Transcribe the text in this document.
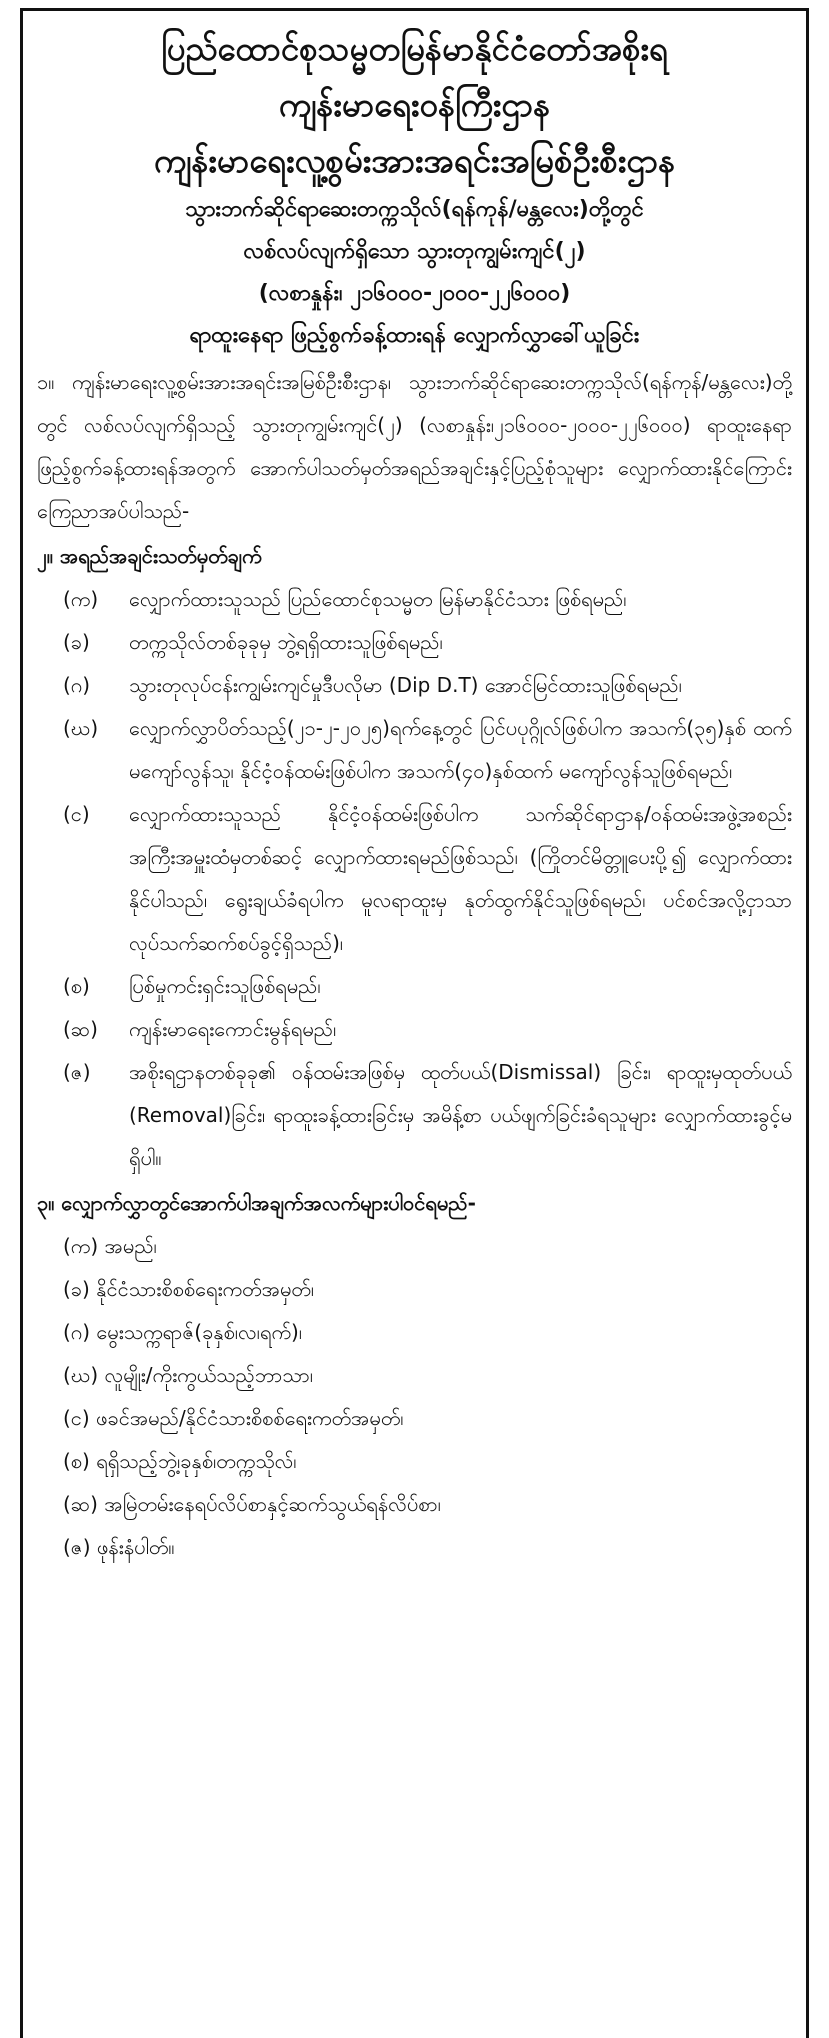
ပြည်ထောင်စုသမ္မတမြန်မာနိုင်ငံတော်အစိုးရ
ကျန်းမာရေးဝန်ကြီးဌာန
ကျန်းမာရေးလူ့စွမ်းအားအရင်းအမြစ်ဦးစီးဌာန
သွားဘက်ဆိုင်ရာဆေးတက္ကသိုလ်(ရန်ကုန်/မန္တလေး)တို့တွင်
လစ်လပ်လျက်ရှိသော သွားတုကျွမ်းကျင်(၂)
(လစာနှုန်း၊ ၂၁၆၀၀၀-၂၀၀၀-၂၂၆၀၀၀)
ရာထူးနေရာ ဖြည့်စွက်ခန့်ထားရန် လျှောက်လွှာခေါ်ယူခြင်း
၁။ ကျန်းမာရေးလူ့စွမ်းအားအရင်းအမြစ်ဦးစီးဌာန၊ သွားဘက်ဆိုင်ရာဆေးတက္ကသိုလ်(ရန်ကုန်/မန္တလေး)တို့တွင် လစ်လပ်လျက်ရှိသည့် သွားတုကျွမ်းကျင်(၂) (လစာနှုန်း၊၂၁၆၀၀၀-၂၀၀၀-၂၂၆၀၀၀) ရာထူးနေရာ ဖြည့်စွက်ခန့်ထားရန်အတွက် အောက်ပါသတ်မှတ်အရည်အချင်းနှင့်ပြည့်စုံသူများ လျှောက်ထားနိုင်ကြောင်း ကြေညာအပ်ပါသည်-
၂။ အရည်အချင်းသတ်မှတ်ချက်
(က)	လျှောက်ထားသူသည် ပြည်ထောင်စုသမ္မတ မြန်မာနိုင်ငံသား ဖြစ်ရမည်၊
(ခ)	တက္ကသိုလ်တစ်ခုခုမှ ဘွဲ့ရရှိထားသူဖြစ်ရမည်၊
(ဂ)	သွားတုလုပ်ငန်းကျွမ်းကျင်မှုဒီပလိုမာ (Dip D.T) အောင်မြင်ထားသူဖြစ်ရမည်၊
(ဃ)	လျှောက်လွှာပိတ်သည့်(၂၁-၂-၂၀၂၅)ရက်နေ့တွင် ပြင်ပပုဂ္ဂိုလ်ဖြစ်ပါက အသက်(၃၅)နှစ် ထက်မကျော်လွန်သူ၊ နိုင်ငံ့ဝန်ထမ်းဖြစ်ပါက အသက်(၄၀)နှစ်ထက် မကျော်လွန်သူဖြစ်ရမည်၊
(င)	လျှောက်ထားသူသည် နိုင်ငံ့ဝန်ထမ်းဖြစ်ပါက သက်ဆိုင်ရာဌာန/ဝန်ထမ်းအဖွဲ့အစည်း အကြီးအမှူးထံမှတစ်ဆင့် လျှောက်ထားရမည်ဖြစ်သည်၊ (ကြိုတင်မိတ္တူပေးပို့၍ လျှောက်ထားနိုင်ပါသည်၊ ရွေးချယ်ခံရပါက မူလရာထူးမှ နုတ်ထွက်နိုင်သူဖြစ်ရမည်၊ ပင်စင်အလို့ငှာသာ လုပ်သက်ဆက်စပ်ခွင့်ရှိသည်)၊
(စ)	ပြစ်မှုကင်းရှင်းသူဖြစ်ရမည်၊
(ဆ)	ကျန်းမာရေးကောင်းမွန်ရမည်၊
(ဇ)	အစိုးရဌာနတစ်ခုခု၏ ဝန်ထမ်းအဖြစ်မှ ထုတ်ပယ်(Dismissal) ခြင်း၊ ရာထူးမှထုတ်ပယ် (Removal)ခြင်း၊ ရာထူးခန့်ထားခြင်းမှ အမိန့်စာ ပယ်ဖျက်ခြင်းခံရသူများ လျှောက်ထားခွင့်မရှိပါ။
၃။ လျှောက်လွှာတွင်အောက်ပါအချက်အလက်များပါဝင်ရမည်-
(က) အမည်၊
(ခ) နိုင်ငံသားစိစစ်ရေးကတ်အမှတ်၊
(ဂ) မွေးသက္ကရာဇ်(ခုနှစ်၊လ၊ရက်)၊
(ဃ) လူမျိုး/ကိုးကွယ်သည့်ဘာသာ၊
(င) ဖခင်အမည်/နိုင်ငံသားစိစစ်ရေးကတ်အမှတ်၊
(စ) ရရှိသည့်ဘွဲ့၊ခုနှစ်၊တက္ကသိုလ်၊
(ဆ) အမြဲတမ်းနေရပ်လိပ်စာနှင့်ဆက်သွယ်ရန်လိပ်စာ၊
(ဇ) ဖုန်းနံပါတ်။
